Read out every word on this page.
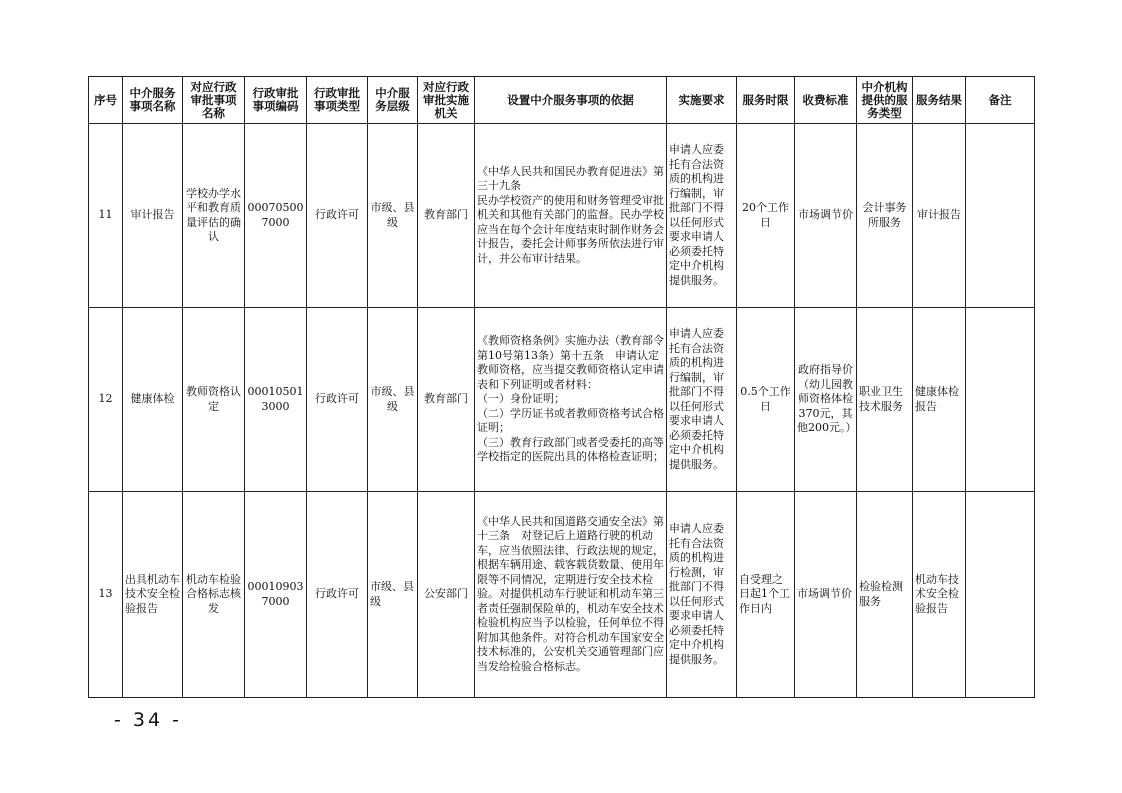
序号	中介服务事项名称	对应行政审批事项名称	行政审批事项编码	行政审批事项类型	中介服务层级	对应行政审批实施机关	设置中介服务事项的依据	实施要求	服务时限	收费标准	中介机构提供的服务类型	服务结果	备注
11	审计报告	学校办学水平和教育质量评估的确认	000705007000	行政许可	市级、县级	教育部门	《中华人民共和国民办教育促进法》第三十九条
民办学校资产的使用和财务管理受审批机关和其他有关部门的监督。民办学校应当在每个会计年度结束时制作财务会计报告，委托会计师事务所依法进行审计，并公布审计结果。	申请人应委托有合法资质的机构进行编制，审批部门不得以任何形式要求申请人必须委托特定中介机构提供服务。	20个工作日	市场调节价	会计事务所服务	审计报告	
12	健康体检	教师资格认定	000105013000	行政许可	市级、县级	教育部门	《教师资格条例》实施办法（教育部令第10号第13条）第十五条　申请认定教师资格，应当提交教师资格认定申请表和下列证明或者材料：
（一）身份证明；
（二）学历证书或者教师资格考试合格证明；
（三）教育行政部门或者受委托的高等学校指定的医院出具的体格检查证明；	申请人应委托有合法资质的机构进行编制，审批部门不得以任何形式要求申请人必须委托特定中介机构提供服务。	0.5个工作日	政府指导价（幼儿园教师资格体检370元，其他200元。）	职业卫生技术服务	健康体检报告	
13	出具机动车技术安全检验报告	机动车检验合格标志核发	000109037000	行政许可	市级、县级	公安部门	《中华人民共和国道路交通安全法》第十三条　对登记后上道路行驶的机动车，应当依照法律、行政法规的规定，根据车辆用途、载客载货数量、使用年限等不同情况，定期进行安全技术检验。对提供机动车行驶证和机动车第三者责任强制保险单的，机动车安全技术检验机构应当予以检验，任何单位不得附加其他条件。对符合机动车国家安全技术标准的，公安机关交通管理部门应当发给检验合格标志。	申请人应委托有合法资质的机构进行检测，审批部门不得以任何形式要求申请人必须委托特定中介机构提供服务。	自受理之日起1个工作日内	市场调节价	检验检测服务	机动车技术安全检验报告	
- 34 -
